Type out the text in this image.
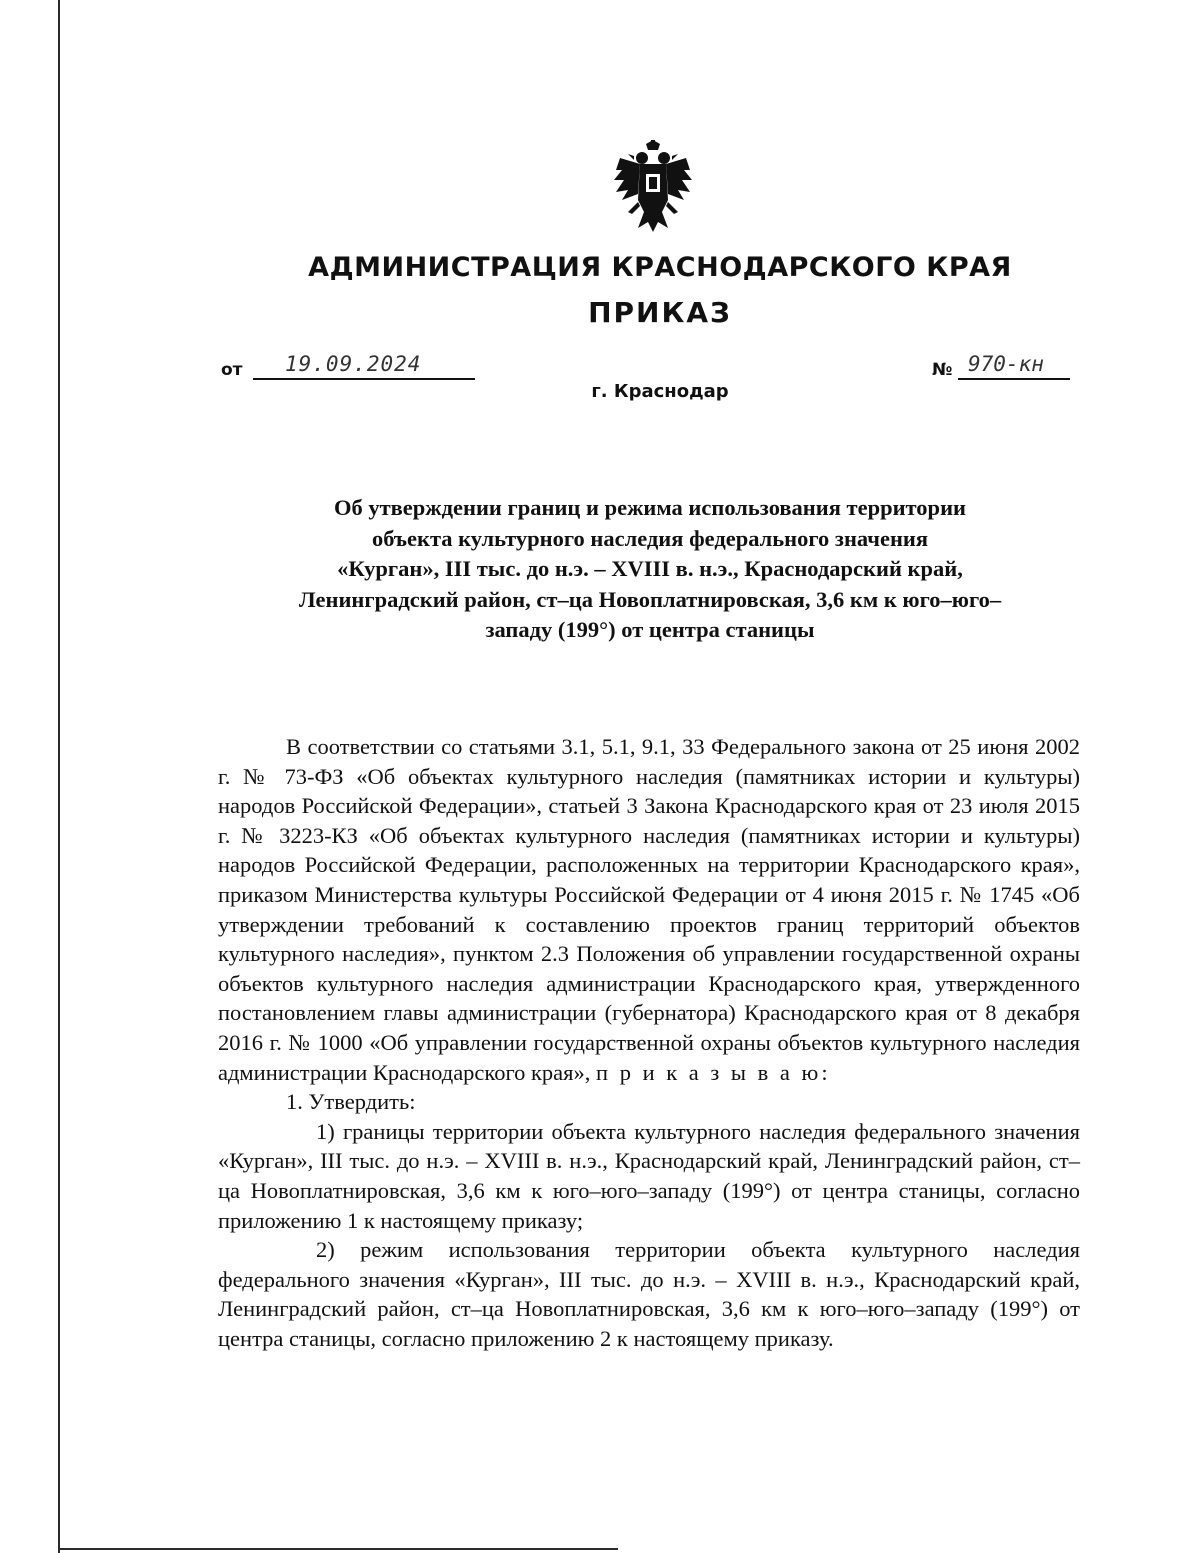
АДМИНИСТРАЦИЯ КРАСНОДАРСКОГО КРАЯ
ПРИКАЗ
от 19.09.2024	№ 970-кн
г. Краснодар
Об утверждении границ и режима использования территории
объекта культурного наследия федерального значения
«Курган», III тыс. до н.э. – XVIII в. н.э., Краснодарский край,
Ленинградский район, ст–ца Новоплатнировская, 3,6 км к юго–юго–
западу (199°) от центра станицы

В соответствии со статьями 3.1, 5.1, 9.1, 33 Федерального закона от 25 июня 2002 г. № 73-ФЗ «Об объектах культурного наследия (памятниках истории и культуры) народов Российской Федерации», статьей 3 Закона Краснодарского края от 23 июля 2015 г. № 3223-КЗ «Об объектах культурного наследия (памятниках истории и культуры) народов Российской Федерации, расположенных на территории Краснодарского края», приказом Министерства культуры Российской Федерации от 4 июня 2015 г. № 1745 «Об утверждении требований к составлению проектов границ территорий объектов культурного наследия», пунктом 2.3 Положения об управлении государственной охраны объектов культурного наследия администрации Краснодарского края, утвержденного постановлением главы администрации (губернатора) Краснодарского края от 8 декабря 2016 г. № 1000 «Об управлении государственной охраны объектов культурного наследия администрации Краснодарского края», п р и к а з ы в а ю:

1. Утвердить:

1) границы территории объекта культурного наследия федерального значения «Курган», III тыс. до н.э. – XVIII в. н.э., Краснодарский край, Ленинградский район, ст–ца Новоплатнировская, 3,6 км к юго–юго–западу (199°) от центра станицы, согласно приложению 1 к настоящему приказу;

2) режим использования территории объекта культурного наследия федерального значения «Курган», III тыс. до н.э. – XVIII в. н.э., Краснодарский край, Ленинградский район, ст–ца Новоплатнировская, 3,6 км к юго–юго–западу (199°) от центра станицы, согласно приложению 2 к настоящему приказу.
